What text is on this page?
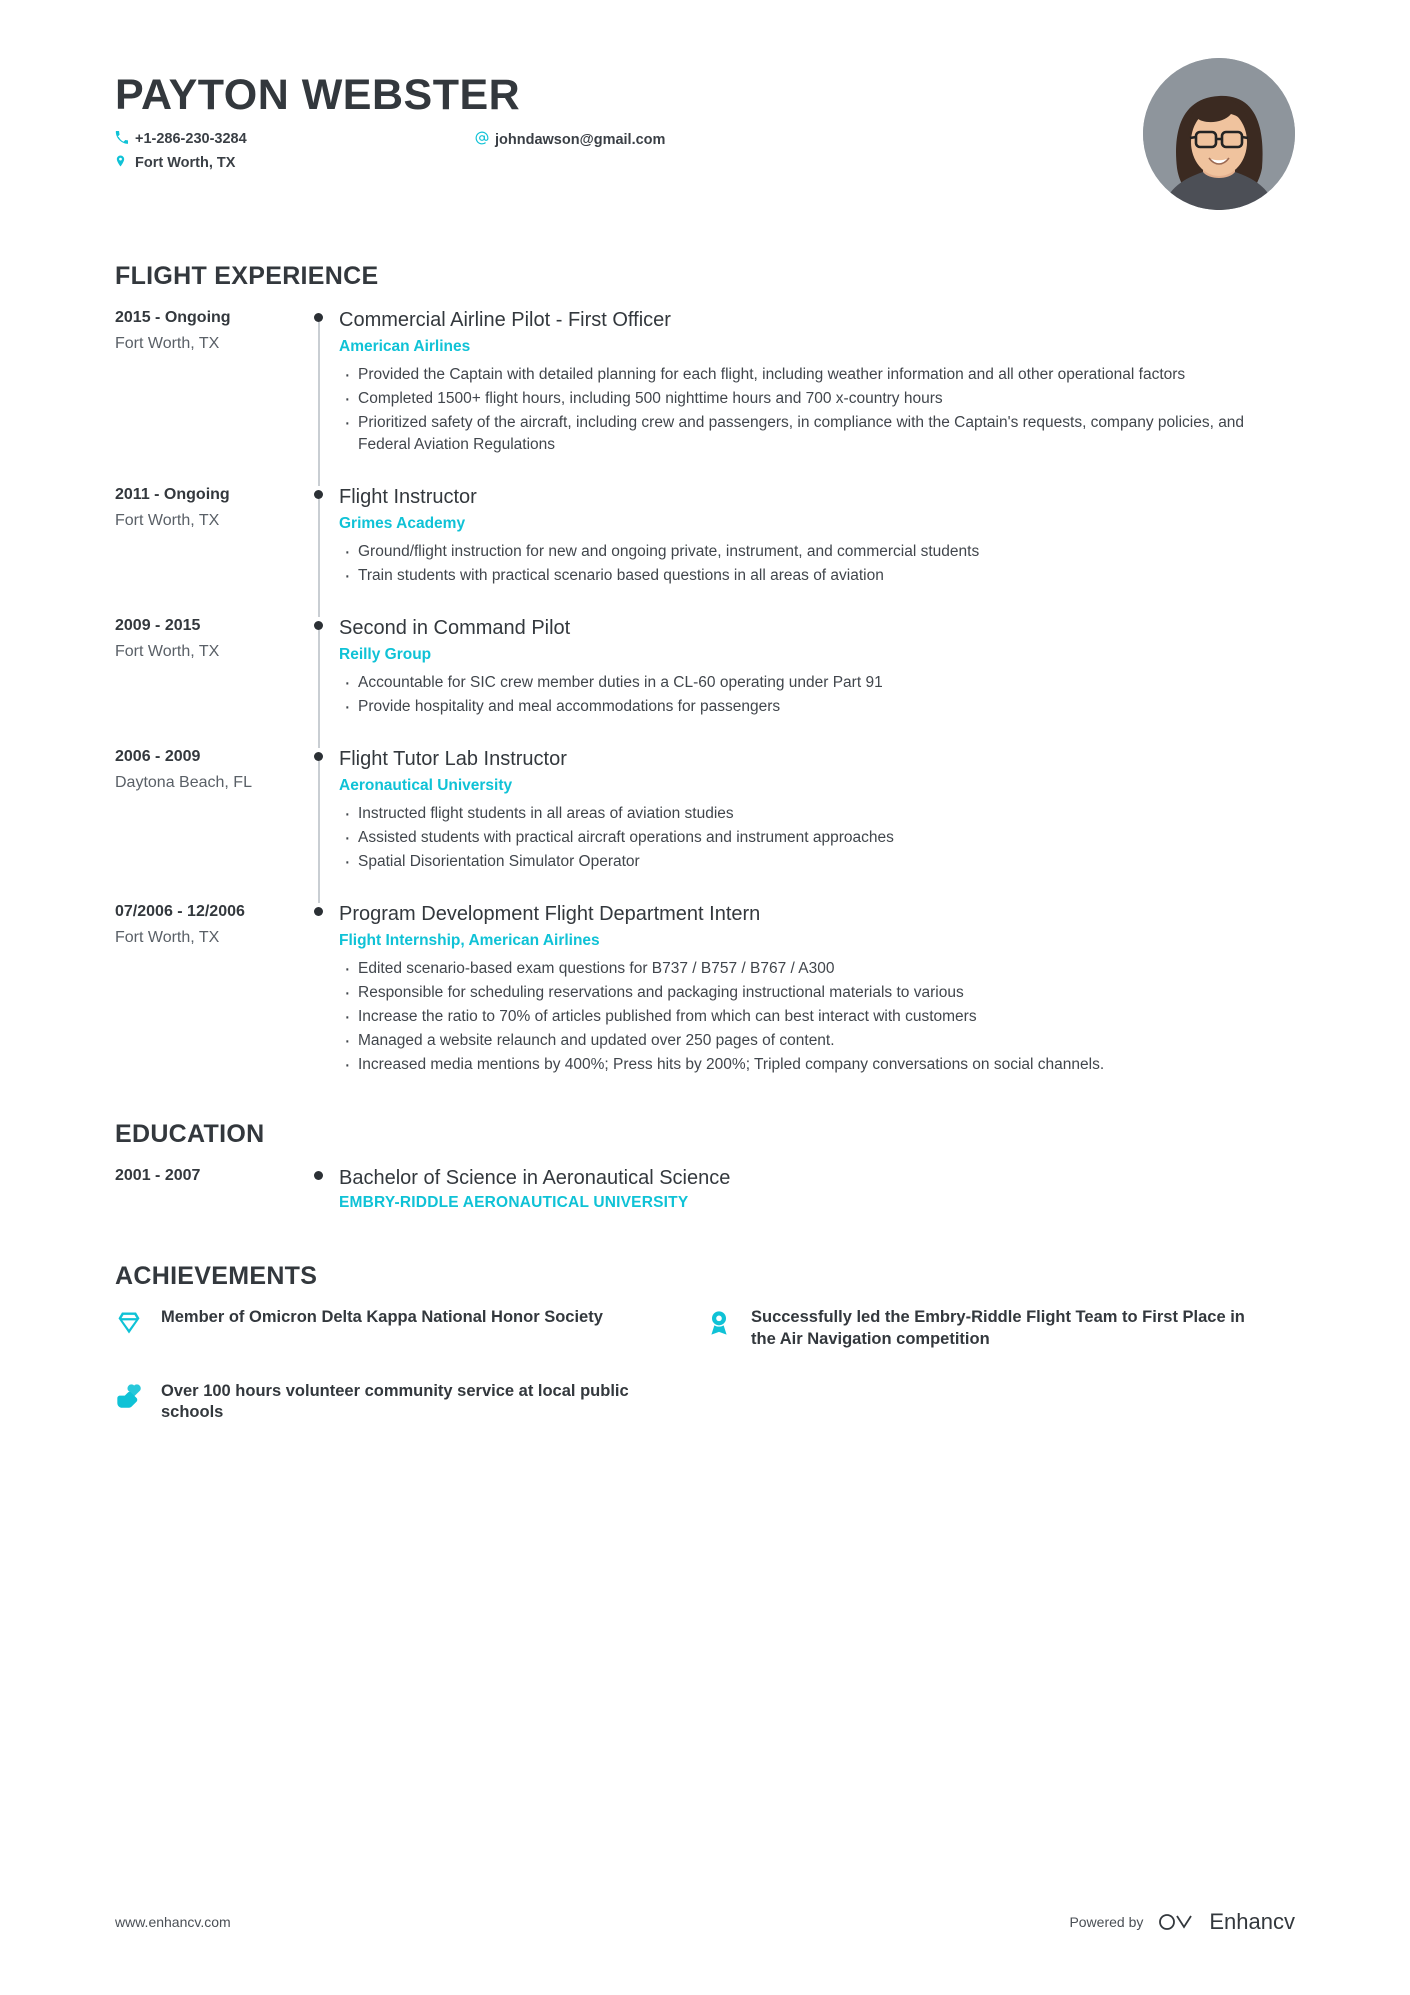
PAYTON WEBSTER
+1-286-230-3284
Fort Worth, TX
johndawson@gmail.com
FLIGHT EXPERIENCE
2015 - Ongoing
Fort Worth, TX
Commercial Airline Pilot - First Officer
American Airlines
· Provided the Captain with detailed planning for each flight, including weather information and all other operational factors
· Completed 1500+ flight hours, including 500 nighttime hours and 700 x-country hours
· Prioritized safety of the aircraft, including crew and passengers, in compliance with the Captain's requests, company policies, and Federal Aviation Regulations
2011 - Ongoing
Fort Worth, TX
Flight Instructor
Grimes Academy
· Ground/flight instruction for new and ongoing private, instrument, and commercial students
· Train students with practical scenario based questions in all areas of aviation
2009 - 2015
Fort Worth, TX
Second in Command Pilot
Reilly Group
· Accountable for SIC crew member duties in a CL-60 operating under Part 91
· Provide hospitality and meal accommodations for passengers
2006 - 2009
Daytona Beach, FL
Flight Tutor Lab Instructor
Aeronautical University
· Instructed flight students in all areas of aviation studies
· Assisted students with practical aircraft operations and instrument approaches
· Spatial Disorientation Simulator Operator
07/2006 - 12/2006
Fort Worth, TX
Program Development Flight Department Intern
Flight Internship, American Airlines
· Edited scenario-based exam questions for B737 / B757 / B767 / A300
· Responsible for scheduling reservations and packaging instructional materials to various
· Increase the ratio to 70% of articles published from which can best interact with customers
· Managed a website relaunch and updated over 250 pages of content.
· Increased media mentions by 400%; Press hits by 200%; Tripled company conversations on social channels.
EDUCATION
2001 - 2007	Bachelor of Science in Aeronautical Science
EMBRY-RIDDLE AERONAUTICAL UNIVERSITY
ACHIEVEMENTS
Member of Omicron Delta Kappa National Honor Society	Successfully led the Embry-Riddle Flight Team to First Place in the Air Navigation competition
Over 100 hours volunteer community service at local public schools
www.enhancv.com	Powered by	Enhancv
